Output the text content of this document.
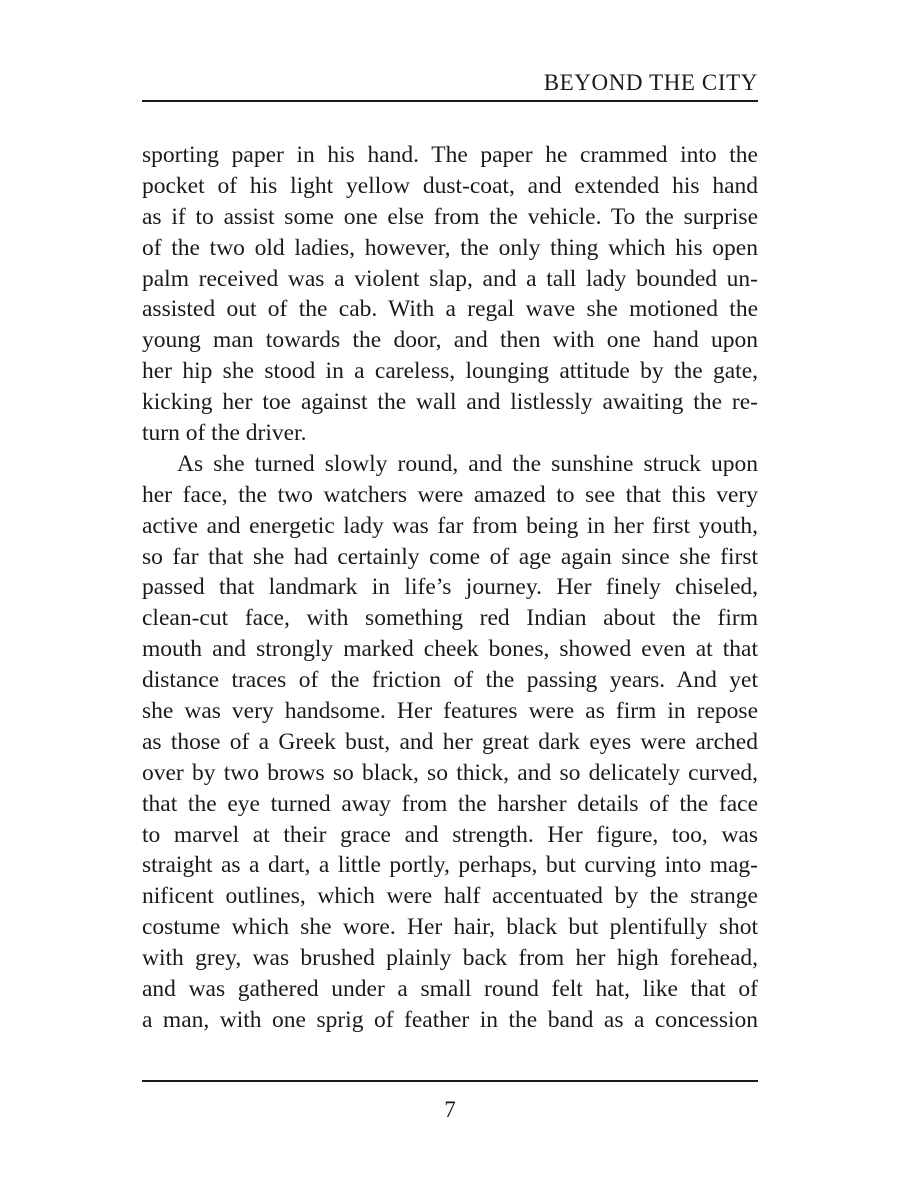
BEYOND THE CITY

sporting paper in his hand. The paper he crammed into the
pocket of his light yellow dust-coat, and extended his hand
as if to assist some one else from the vehicle. To the surprise
of the two old ladies, however, the only thing which his open
palm received was a violent slap, and a tall lady bounded un-
assisted out of the cab. With a regal wave she motioned the
young man towards the door, and then with one hand upon
her hip she stood in a careless, lounging attitude by the gate,
kicking her toe against the wall and listlessly awaiting the re-
turn of the driver.

As she turned slowly round, and the sunshine struck upon
her face, the two watchers were amazed to see that this very
active and energetic lady was far from being in her first youth,
so far that she had certainly come of age again since she first
passed that landmark in life’s journey. Her finely chiseled,
clean-cut face, with something red Indian about the firm
mouth and strongly marked cheek bones, showed even at that
distance traces of the friction of the passing years. And yet
she was very handsome. Her features were as firm in repose
as those of a Greek bust, and her great dark eyes were arched
over by two brows so black, so thick, and so delicately curved,
that the eye turned away from the harsher details of the face
to marvel at their grace and strength. Her figure, too, was
straight as a dart, a little portly, perhaps, but curving into mag-
nificent outlines, which were half accentuated by the strange
costume which she wore. Her hair, black but plentifully shot
with grey, was brushed plainly back from her high forehead,
and was gathered under a small round felt hat, like that of
a man, with one sprig of feather in the band as a concession

7
